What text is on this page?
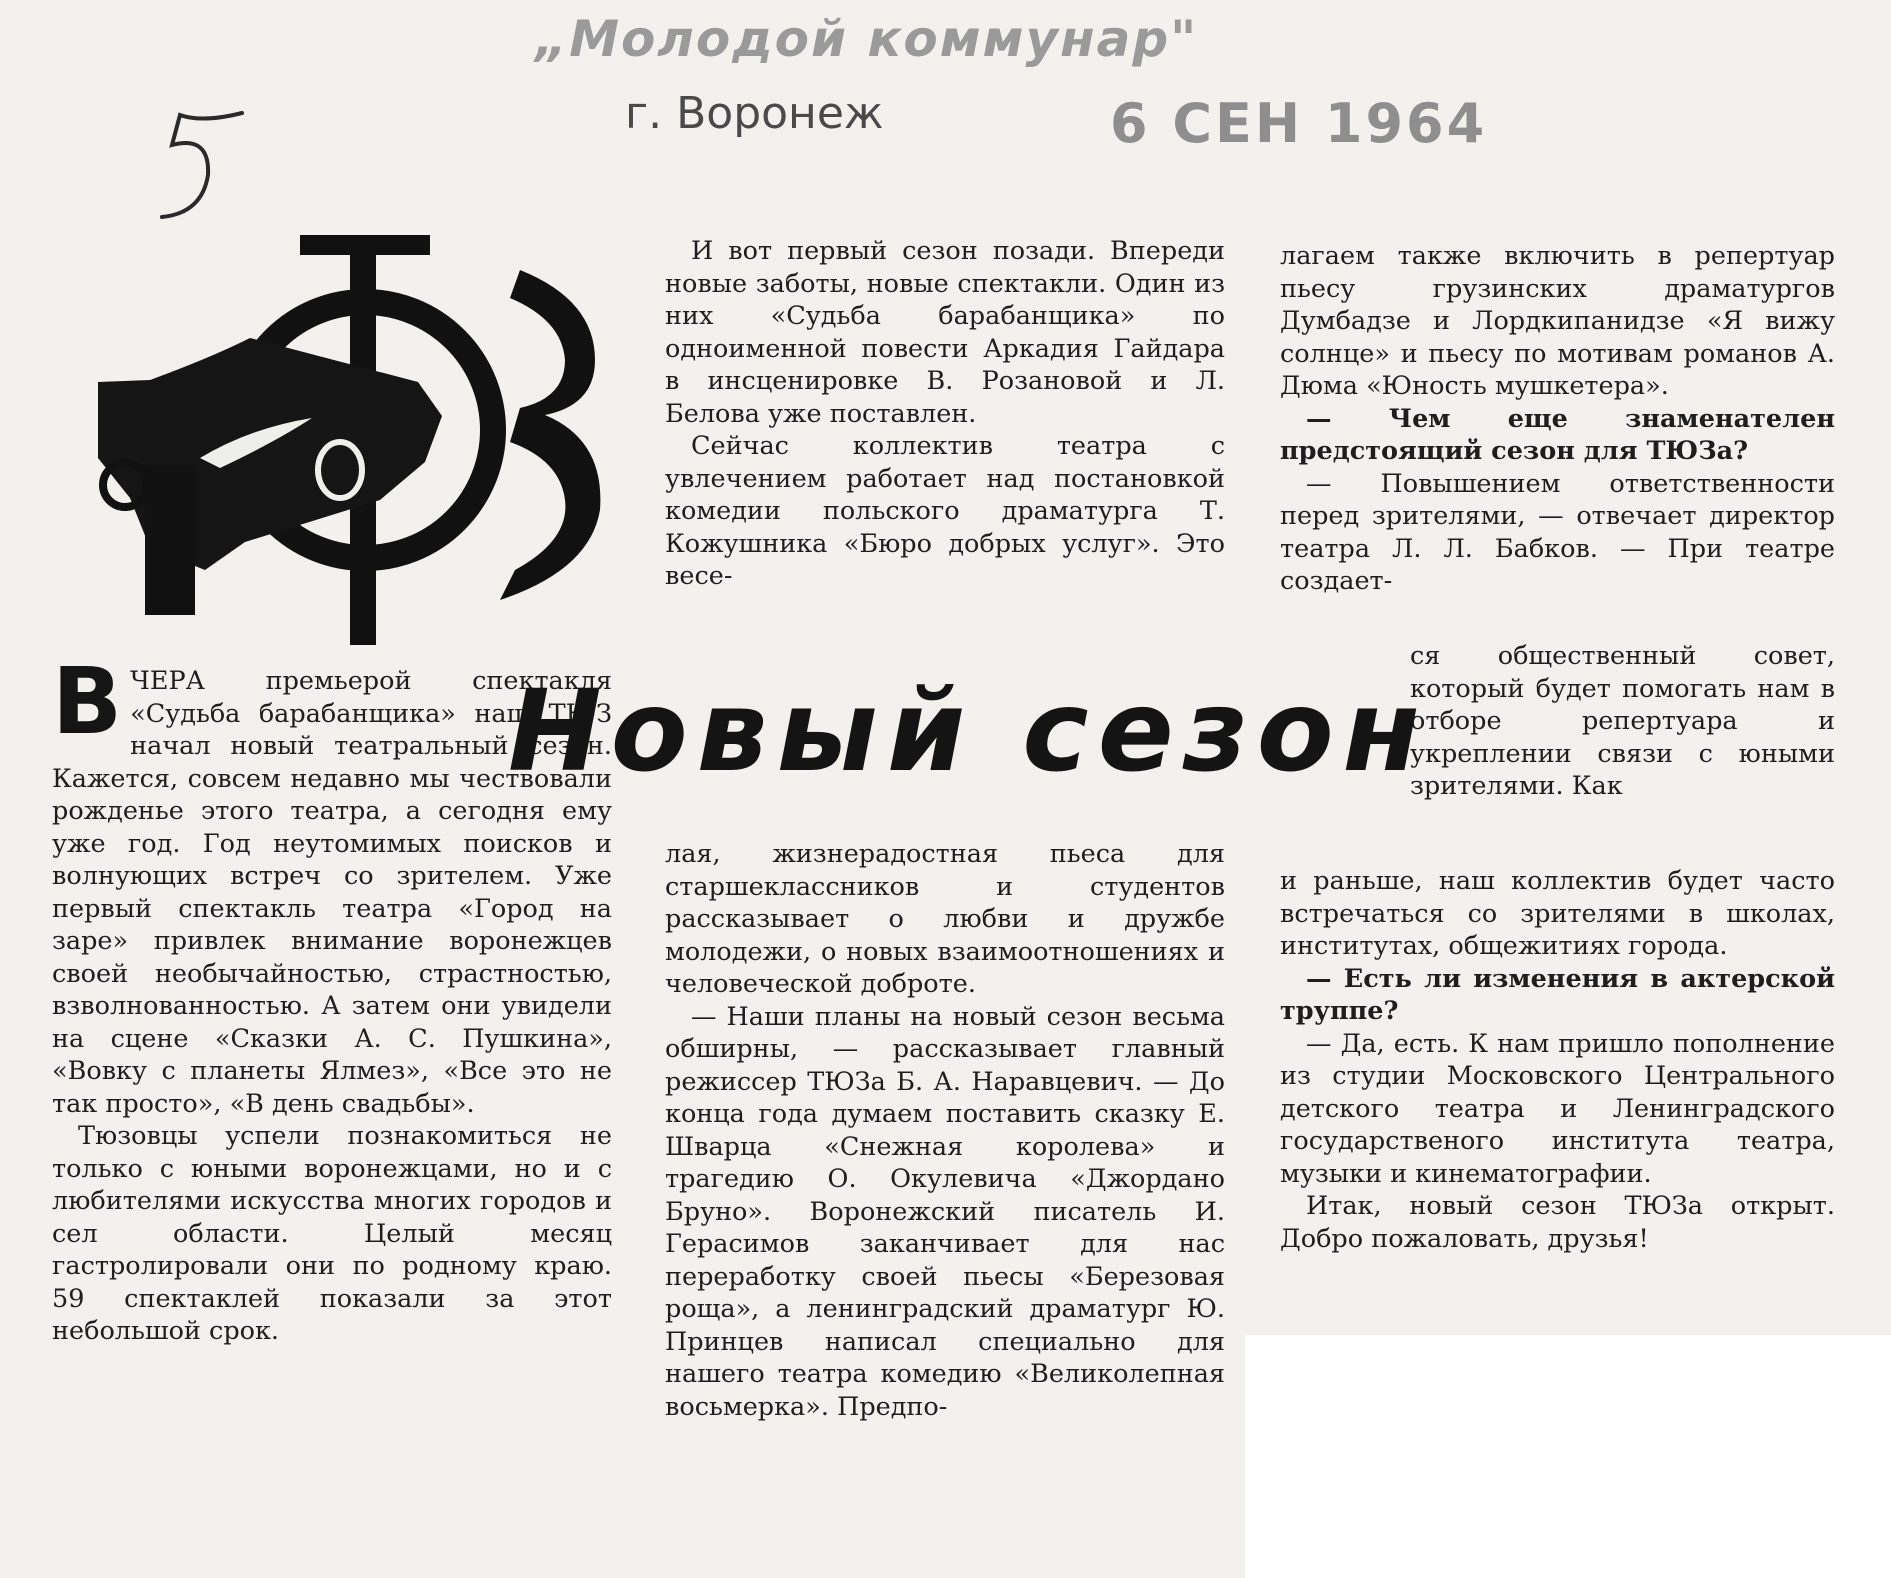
„Молодой коммунар"
г. Воронеж	6 СЕН 1964

ВЧЕРА премьерой спектакля «Судьба барабанщика» наш ТЮЗ начал новый театральный сезон. Кажется, совсем недавно мы чествовали рожденье этого театра, а сегодня ему уже год. Год неутомимых поисков и волнующих встреч со зрителем. Уже первый спектакль театра «Город на заре» привлек внимание воронежцев своей необычайностью, страстностью, взволнованностью. А затем они увидели на сцене «Сказки А. С. Пушкина», «Вовку с планеты Ялмез», «Все это не так просто», «В день свадьбы».

Тюзовцы успели познакомиться не только с юными воронежцами, но и с любителями искусства многих городов и сел области. Целый месяц гастролировали они по родному краю. 59 спектаклей показали за этот небольшой срок.

И вот первый сезон позади. Впереди новые заботы, новые спектакли. Один из них «Судьба барабанщика» по одноименной повести Аркадия Гайдара в инсценировке В. Розановой и Л. Белова уже поставлен.

Сейчас коллектив театра с увлечением работает над постановкой комедии польского драматурга Т. Кожушника «Бюро добрых услуг». Это весе-

лая, жизнерадостная пьеса для старшеклассников и студентов рассказывает о любви и дружбе молодежи, о новых взаимоотношениях и человеческой доброте.

— Наши планы на новый сезон весьма обширны, — рассказывает главный режиссер ТЮЗа Б. А. Наравцевич. — До конца года думаем поставить сказку Е. Шварца «Снежная королева» и трагедию О. Окулевича «Джордано Бруно». Воронежский писатель И. Герасимов заканчивает для нас переработку своей пьесы «Березовая роща», а ленинградский драматург Ю. Принцев написал специально для нашего театра комедию «Великолепная восьмерка». Предпо-

лагаем также включить в репертуар пьесу грузинских драматургов Думбадзе и Лордкипанидзе «Я вижу солнце» и пьесу по мотивам романов А. Дюма «Юность мушкетера».

— Чем еще знаменателен предстоящий сезон для ТЮЗа?

— Повышением ответственности перед зрителями, — отвечает директор театра Л. Л. Бабков. — При театре создает-

ся общественный совет, который будет помогать нам в отборе репертуара и укреплении связи с юными зрителями. Как

и раньше, наш коллектив будет часто встречаться со зрителями в школах, институтах, общежитиях города.

— Есть ли изменения в актерской труппе?

— Да, есть. К нам пришло пополнение из студии Московского Центрального детского театра и Ленинградского государственого института театра, музыки и кинематографии.

Итак, новый сезон ТЮЗа открыт. Добро пожаловать, друзья!

Новый сезон
